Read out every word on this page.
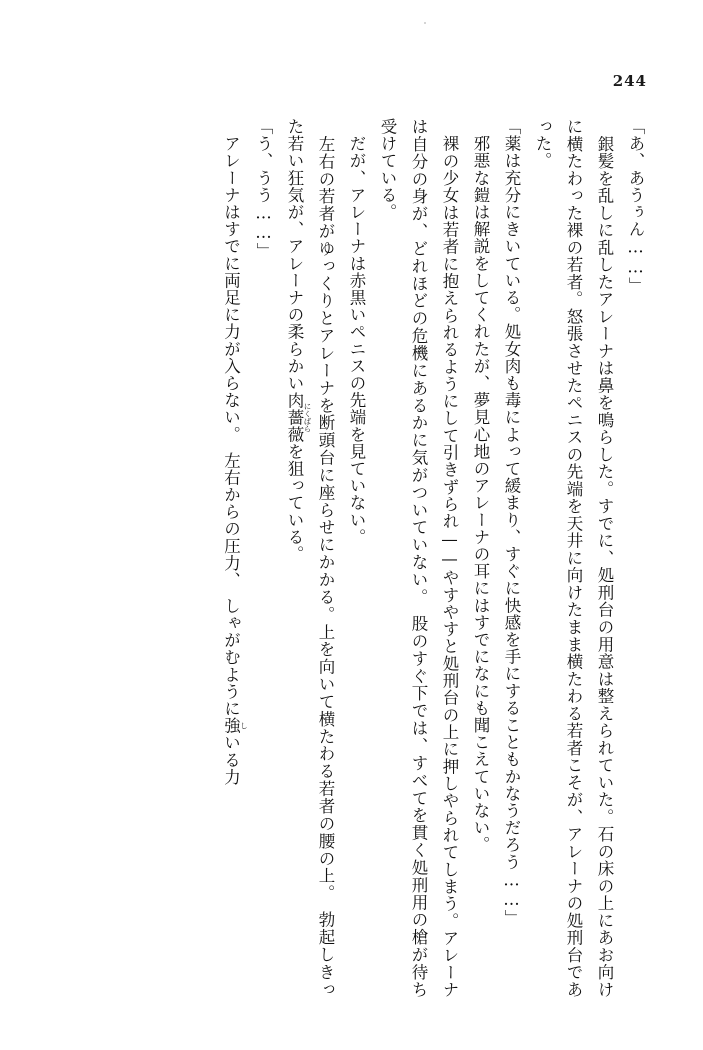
244

「あ、あうぅん……」

　銀髪を乱しに乱したアレーナは鼻を鳴らした。すでに、処刑台の用意は整えられていた。石の床の上にあお向けに横たわった裸の若者。怒張させたペニスの先端を天井に向けたまま横たわる若者こそが、アレーナの処刑台であった。

「薬は充分にきいている。処女肉も毒によって緩まり、すぐに快感を手にすることもかなうだろう……」

　邪悪な鎧は解説をしてくれたが、夢見心地のアレーナの耳にはすでになにも聞こえていない。

　裸の少女は若者に抱えられるようにして引きずられ——やすやすと処刑台の上に押しやられてしまう。アレーナは自分の身が、どれほどの危機にあるかに気がついていない。　股のすぐ下では、すべてを貫く処刑用の槍が待ち受けている。

　だが、アレーナは赤黒いペニスの先端を見ていない。

　左右の若者がゆっくりとアレーナを断頭台に座らせにかかる。上を向いて横たわる若者の腰の上。　勃起しきった若い狂気が、アレーナの柔らかい肉薔薇 にくばらを狙っている。

「う、うう……」

　アレーナはすでに両足に力が入らない。　左右からの圧力、　しゃがむように強 しいる力
